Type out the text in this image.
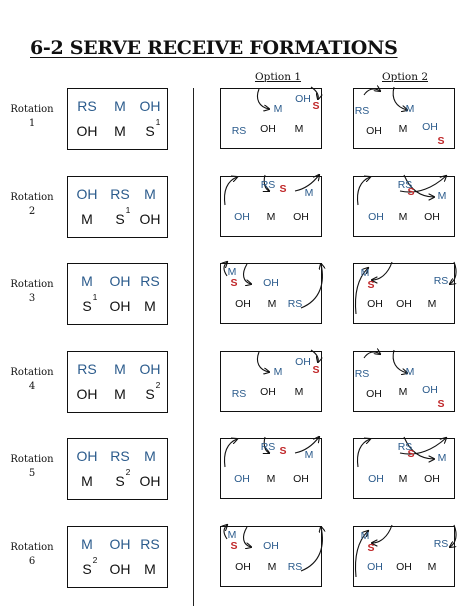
6-2 SERVE RECEIVE FORMATIONS
Option 1	Option 2
Rotation
1
RS M OH
OH M S
1
OH
S
M
RS OH M
RS	M
OH M OH
S
Rotation
2
OH RS M
M S OH
1
RS S M
OH M OH
RS
S M
OH M OH
Rotation
3
M OH RS
S OH M
1
M
S OH
OH M RS
M
S	RS
OH OH M
Rotation
4
RS M OH
OH M S
2
OH
S
M
RS OH M
RS	M
OH M OH
S
Rotation
5
OH RS M
M S OH
2
RS S M
OH M OH
RS
S M
OH M OH
Rotation
6
M OH RS
S OH M
2
M
S OH
OH M RS
M
S	RS
OH OH M
